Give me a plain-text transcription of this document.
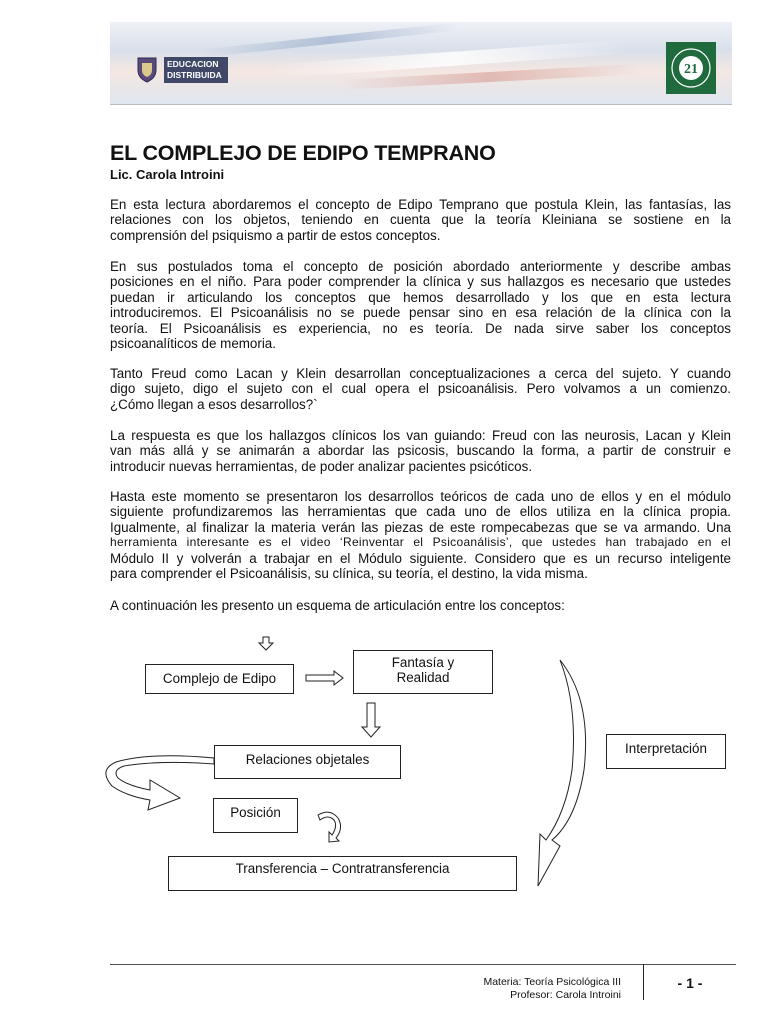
EDUCACION
DISTRIBUIDA	21
EL COMPLEJO DE EDIPO TEMPRANO
Lic. Carola Introini
En esta lectura abordaremos el concepto de Edipo Temprano que postula Klein, las fantasías, las
relaciones con los objetos, teniendo en cuenta que la teoría Kleiniana se sostiene en la
comprensión del psiquismo a partir de estos conceptos.
En sus postulados toma el concepto de posición abordado anteriormente y describe ambas
posiciones en el niño. Para poder comprender la clínica y sus hallazgos es necesario que ustedes
puedan ir articulando los conceptos que hemos desarrollado y los que en esta lectura
introduciremos. El Psicoanálisis no se puede pensar sino en esa relación de la clínica con la
teoría. El Psicoanálisis es experiencia, no es teoría. De nada sirve saber los conceptos
psicoanalíticos de memoria.
Tanto Freud como Lacan y Klein desarrollan conceptualizaciones a cerca del sujeto. Y cuando
digo sujeto, digo el sujeto con el cual opera el psicoanálisis. Pero volvamos a un comienzo.
¿Cómo llegan a esos desarrollos?`
La respuesta es que los hallazgos clínicos los van guiando: Freud con las neurosis, Lacan y Klein
van más allá y se animarán a abordar las psicosis, buscando la forma, a partir de construir e
introducir nuevas herramientas, de poder analizar pacientes psicóticos.
Hasta este momento se presentaron los desarrollos teóricos de cada uno de ellos y en el módulo
siguiente profundizaremos las herramientas que cada uno de ellos utiliza en la clínica propia.
Igualmente, al finalizar la materia verán las piezas de este rompecabezas que se va armando. Una
herramienta interesante es el video ‘Reinventar el Psicoanálisis’, que ustedes han trabajado en el
Módulo II y volverán a trabajar en el Módulo siguiente. Considero que es un recurso inteligente
para comprender el Psicoanálisis, su clínica, su teoría, el destino, la vida misma.
A continuación les presento un esquema de articulación entre los conceptos:
Complejo de Edipo
Fantasía y
Realidad
Relaciones objetales
Interpretación
Posición
Transferencia – Contratransferencia
Materia: Teoría Psicológica III
Profesor: Carola Introini
- 1 -
